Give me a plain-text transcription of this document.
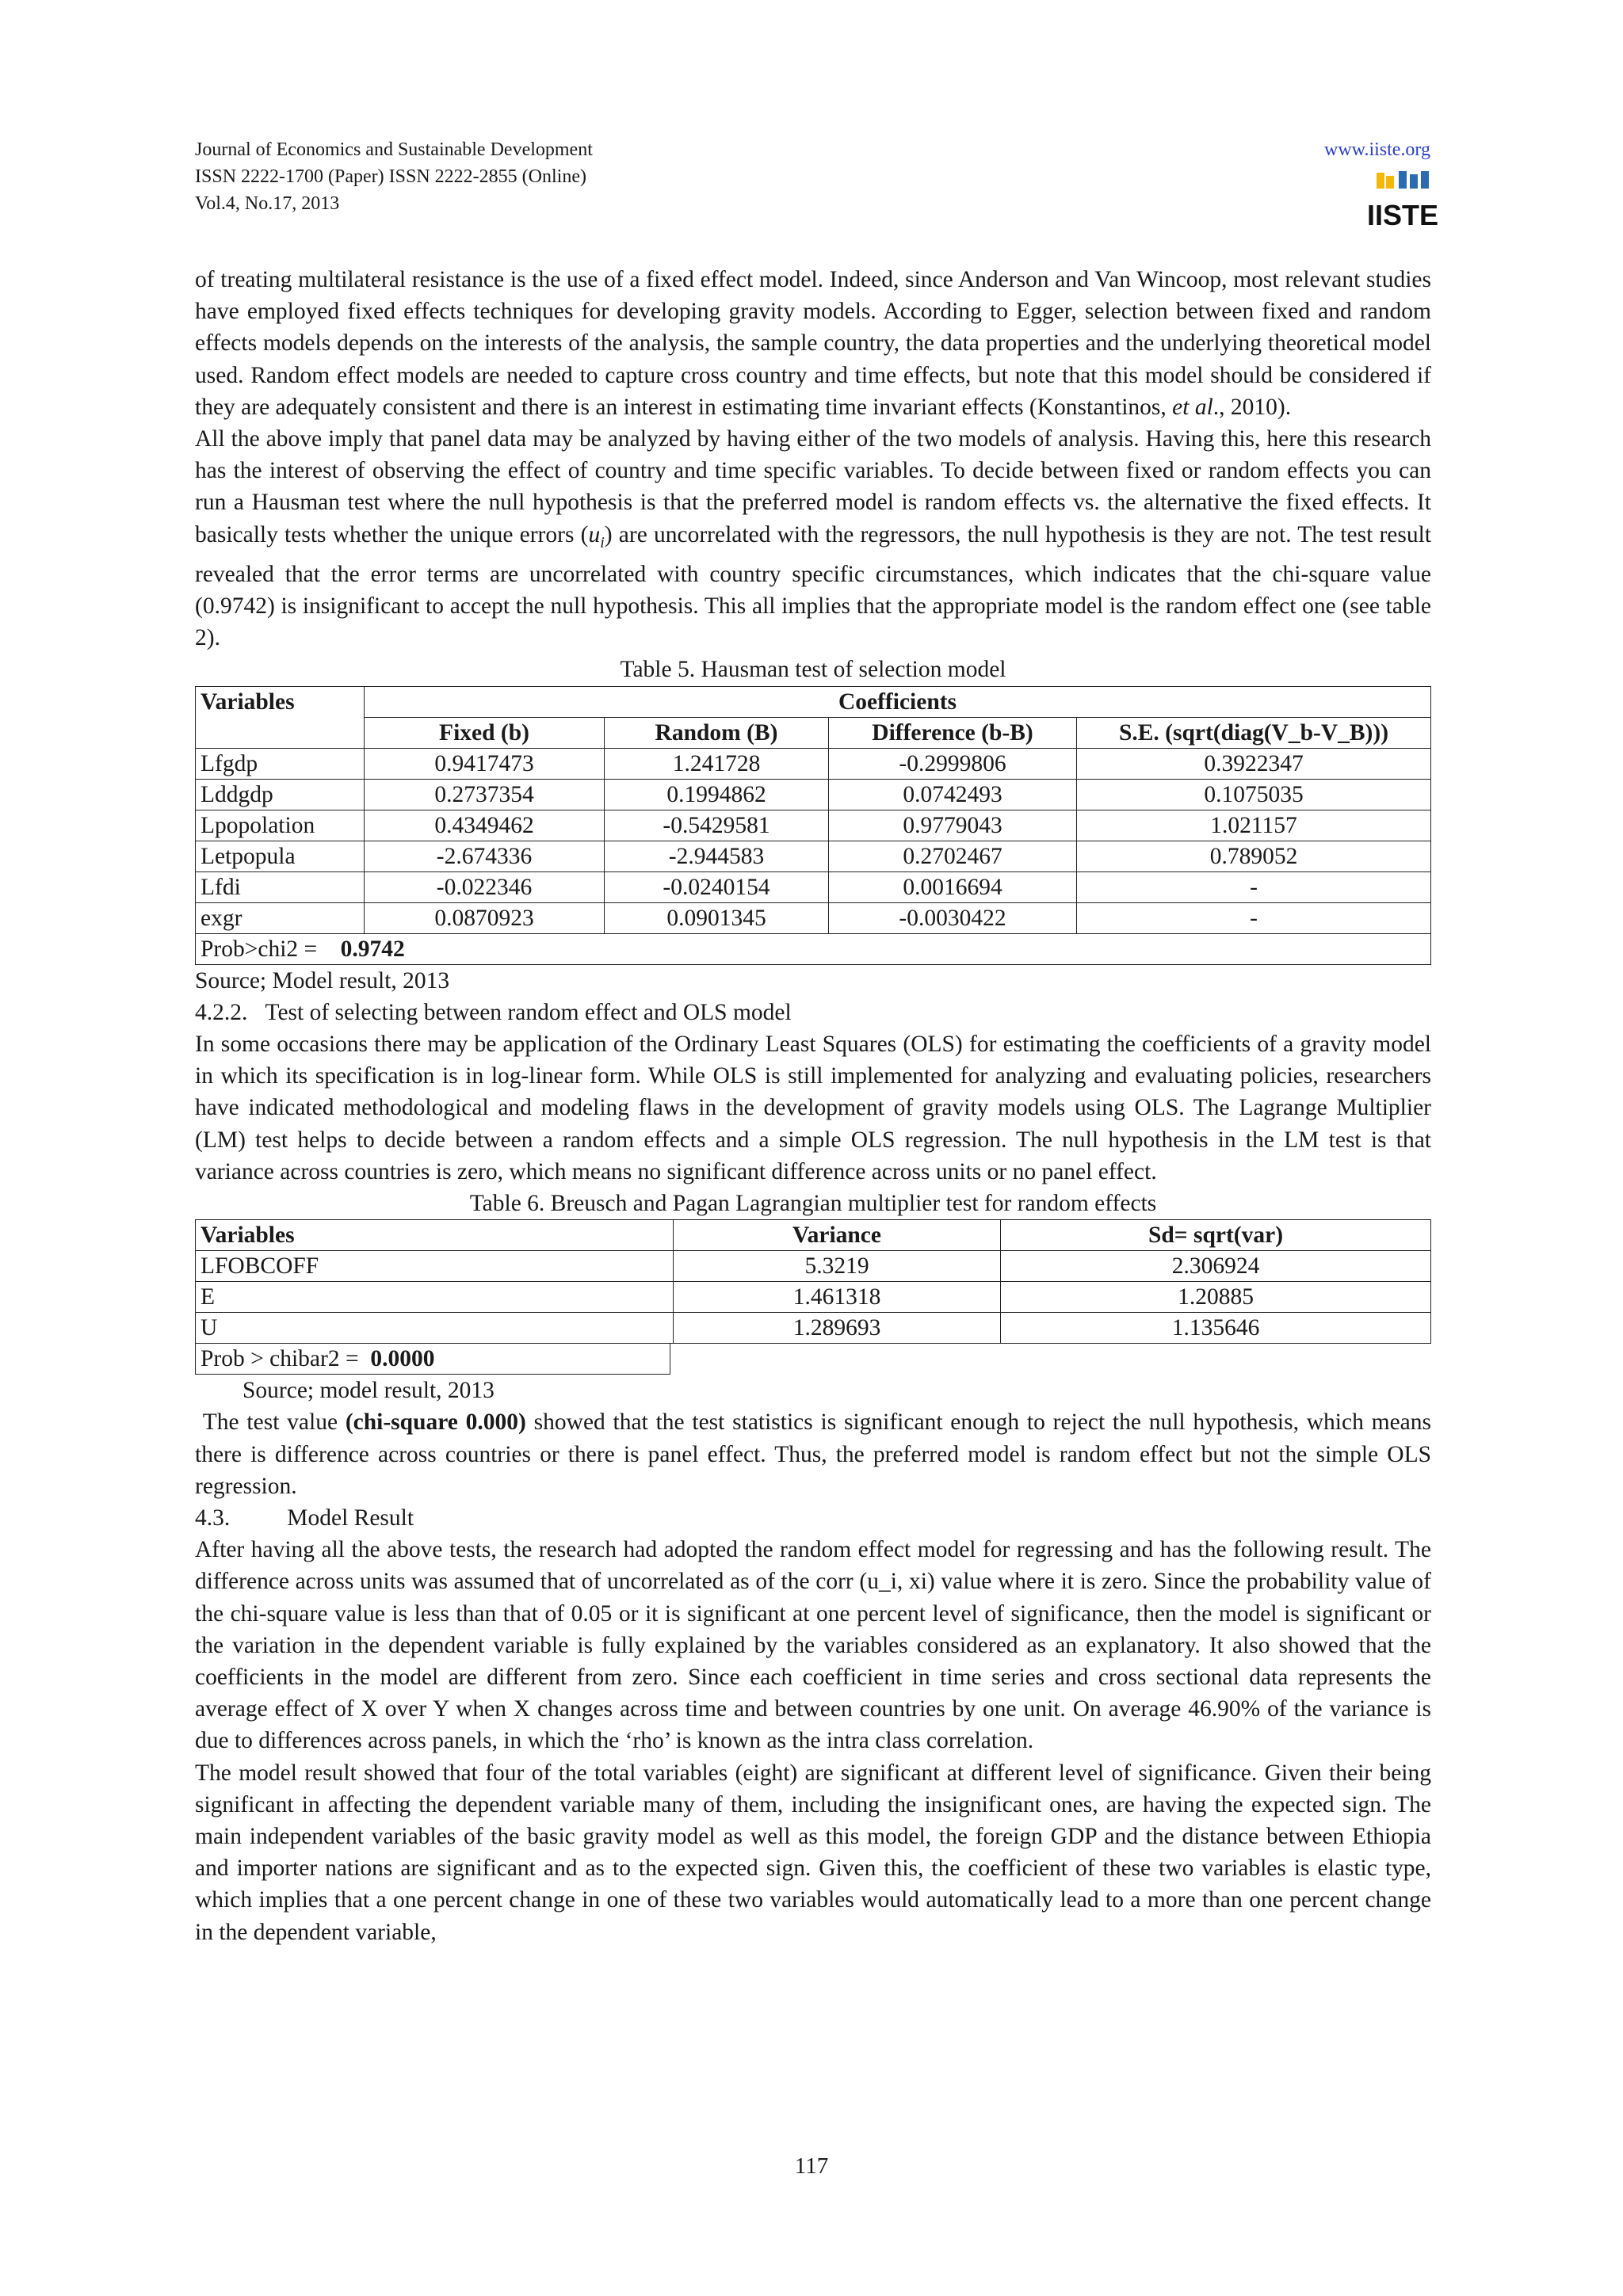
Journal of Economics and Sustainable Development
ISSN 2222-1700 (Paper) ISSN 2222-2855 (Online)
Vol.4, No.17, 2013
www.iiste.org
IISTE

of treating multilateral resistance is the use of a fixed effect model. Indeed, since Anderson and Van Wincoop, most relevant studies have employed fixed effects techniques for developing gravity models. According to Egger, selection between fixed and random effects models depends on the interests of the analysis, the sample country, the data properties and the underlying theoretical model used. Random effect models are needed to capture cross country and time effects, but note that this model should be considered if they are adequately consistent and there is an interest in estimating time invariant effects (Konstantinos, et al., 2010).

All the above imply that panel data may be analyzed by having either of the two models of analysis. Having this, here this research has the interest of observing the effect of country and time specific variables. To decide between fixed or random effects you can run a Hausman test where the null hypothesis is that the preferred model is random effects vs. the alternative the fixed effects. It basically tests whether the unique errors $(u_i)$ are uncorrelated with the regressors, the null hypothesis is they are not. The test result revealed that the error terms are uncorrelated with country specific circumstances, which indicates that the chi-square value (0.9742) is insignificant to accept the null hypothesis. This all implies that the appropriate model is the random effect one (see table 2).

Table 5. Hausman test of selection model

Variables	Coefficients			
	Fixed (b)	Random (B)	Difference (b-B)	S.E. (sqrt(diag(V_b-V_B)))
Lfgdp	0.9417473	1.241728	-0.2999806	0.3922347
Lddgdp	0.2737354	0.1994862	0.0742493	0.1075035
Lpopolation	0.4349462	-0.5429581	0.9779043	1.021157
Letpopula	-2.674336	-2.944583	0.2702467	0.789052
Lfdi	-0.022346	-0.0240154	0.0016694	-
exgr	0.0870923	0.0901345	-0.0030422	-
Prob>chi2 = 0.9742				

Source; Model result, 2013

4.2.2.   Test of selecting between random effect and OLS model

In some occasions there may be application of the Ordinary Least Squares (OLS) for estimating the coefficients of a gravity model in which its specification is in log-linear form. While OLS is still implemented for analyzing and evaluating policies, researchers have indicated methodological and modeling flaws in the development of gravity models using OLS. The Lagrange Multiplier (LM) test helps to decide between a random effects and a simple OLS regression. The null hypothesis in the LM test is that variance across countries is zero, which means no significant difference across units or no panel effect.

Table 6. Breusch and Pagan Lagrangian multiplier test for random effects

Variables	Variance	Sd= sqrt(var)
LFOBCOFF	5.3219	2.306924
E	1.461318	1.20885
U	1.289693	1.135646
Prob > chibar2 = 0.0000

Source; model result, 2013

The test value (chi-square 0.000) showed that the test statistics is significant enough to reject the null hypothesis, which means there is difference across countries or there is panel effect. Thus, the preferred model is random effect but not the simple OLS regression.

4.3. Model Result

After having all the above tests, the research had adopted the random effect model for regressing and has the following result. The difference across units was assumed that of uncorrelated as of the corr (u_i, xi) value where it is zero. Since the probability value of the chi-square value is less than that of 0.05 or it is significant at one percent level of significance, then the model is significant or the variation in the dependent variable is fully explained by the variables considered as an explanatory. It also showed that the coefficients in the model are different from zero. Since each coefficient in time series and cross sectional data represents the average effect of X over Y when X changes across time and between countries by one unit. On average 46.90% of the variance is due to differences across panels, in which the ‘rho’ is known as the intra class correlation.

The model result showed that four of the total variables (eight) are significant at different level of significance. Given their being significant in affecting the dependent variable many of them, including the insignificant ones, are having the expected sign. The main independent variables of the basic gravity model as well as this model, the foreign GDP and the distance between Ethiopia and importer nations are significant and as to the expected sign. Given this, the coefficient of these two variables is elastic type, which implies that a one percent change in one of these two variables would automatically lead to a more than one percent change in the dependent variable,

117
